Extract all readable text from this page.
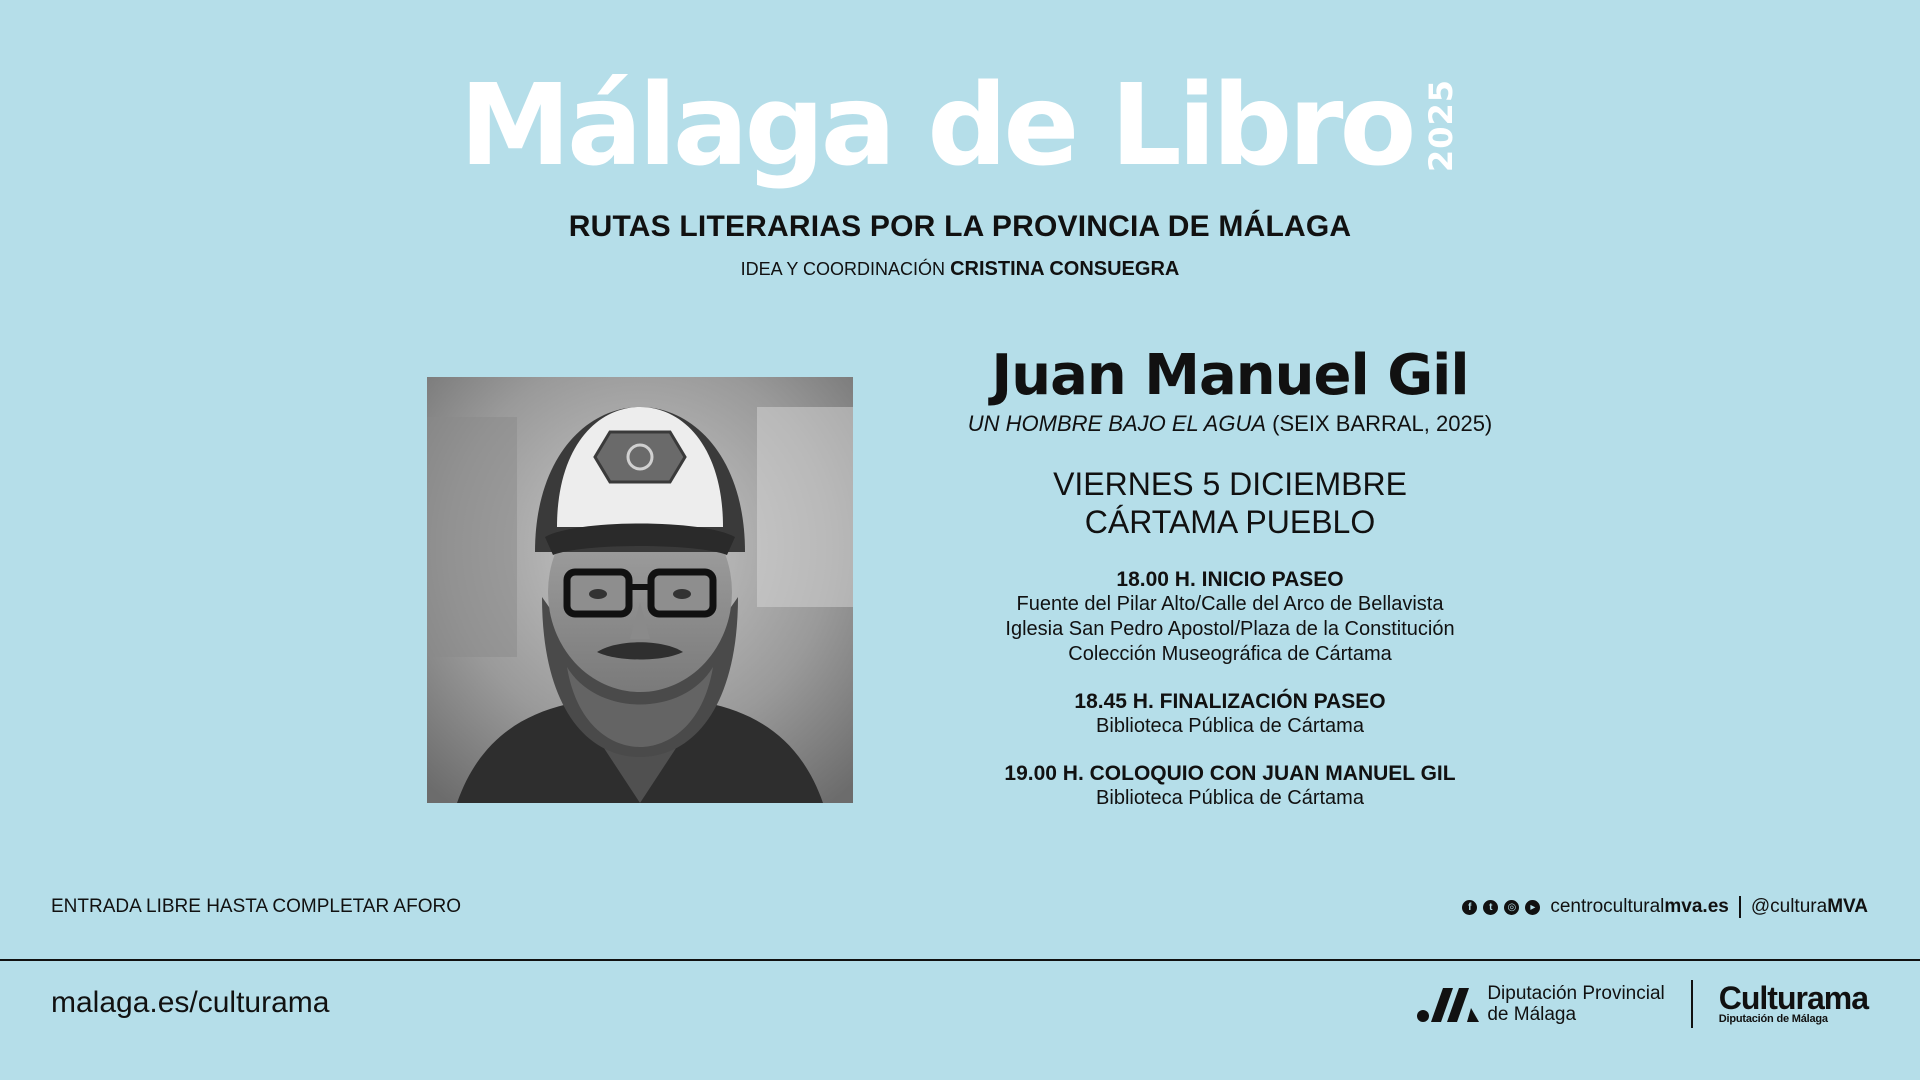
Málaga de Libro 2025
RUTAS LITERARIAS POR LA PROVINCIA DE MÁLAGA
IDEA Y COORDINACIÓN CRISTINA CONSUEGRA
Juan Manuel Gil
UN HOMBRE BAJO EL AGUA (SEIX BARRAL, 2025)
VIERNES 5 DICIEMBRE
CÁRTAMA PUEBLO
18.00 H. INICIO PASEO
Fuente del Pilar Alto/Calle del Arco de Bellavista
Iglesia San Pedro Apostol/Plaza de la Constitución
Colección Museográfica de Cártama
18.45 H. FINALIZACIÓN PASEO
Biblioteca Pública de Cártama
19.00 H. COLOQUIO CON JUAN MANUEL GIL
Biblioteca Pública de Cártama
ENTRADA LIBRE HASTA COMPLETAR AFORO	f	t	◎	▸ centroculturalmva.es @culturaMVA
malaga.es/culturama	Diputación Provincial
de Málaga	Culturama
Diputación de Málaga
